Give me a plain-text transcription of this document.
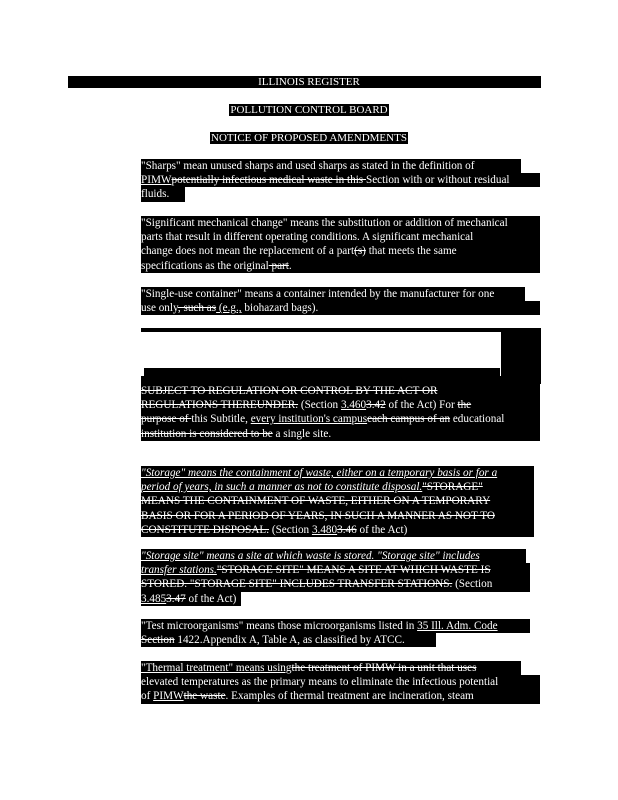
ILLINOIS REGISTER
POLLUTION CONTROL BOARD
NOTICE OF PROPOSED AMENDMENTS
"Sharps" mean unused sharps and used sharps as stated in the definition of
PIMWpotentially infectious medical waste in this Section with or without residual
fluids.
"Significant mechanical change" means the substitution or addition of mechanical
parts that result in different operating conditions. A significant mechanical
change does not mean the replacement of a part(s) that meets the same
specifications as the original part.
"Single-use container" means a container intended by the manufacturer for one
use only, such as (e.g., biohazard bags).
SUBJECT TO REGULATION OR CONTROL BY THE ACT OR
REGULATIONS THEREUNDER. (Section 3.4603.42 of the Act) For the
purpose of this Subtitle, every institution's campuseach campus of an educational
institution is considered to be a single site.
"Storage" means the containment of waste, either on a temporary basis or for a
period of years, in such a manner as not to constitute disposal."STORAGE"
MEANS THE CONTAINMENT OF WASTE, EITHER ON A TEMPORARY
BASIS OR FOR A PERIOD OF YEARS, IN SUCH A MANNER AS NOT TO
CONSTITUTE DISPOSAL. (Section 3.4803.46 of the Act)
"Storage site" means a site at which waste is stored. "Storage site" includes
transfer stations."STORAGE SITE" MEANS A SITE AT WHICH WASTE IS
STORED. "STORAGE SITE" INCLUDES TRANSFER STATIONS. (Section
3.4853.47 of the Act)
"Test microorganisms" means those microorganisms listed in 35 Ill. Adm. Code
Section 1422.Appendix A, Table A, as classified by ATCC.
"Thermal treatment" means usingthe treatment of PIMW in a unit that uses
elevated temperatures as the primary means to eliminate the infectious potential
of PIMWthe waste. Examples of thermal treatment are incineration, steam
